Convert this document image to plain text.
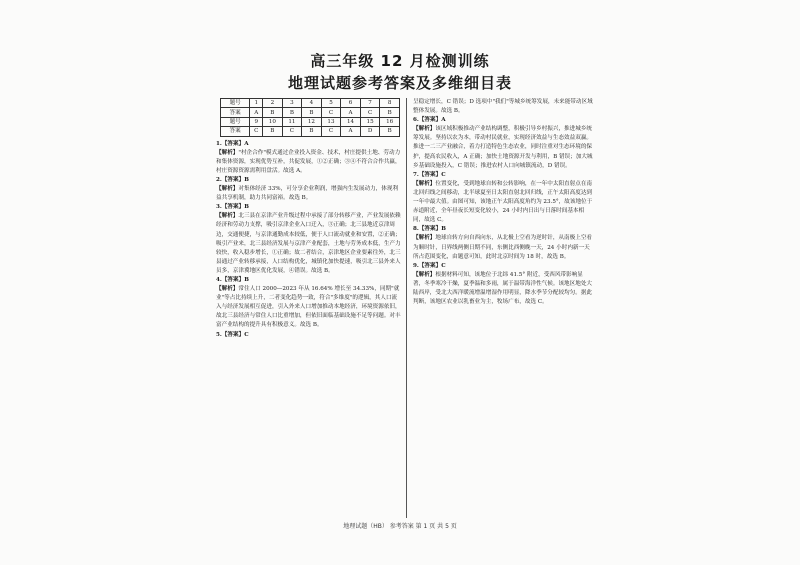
高三年级 12 月检测训练
地理试题参考答案及多维细目表
题号	1	2	3	4	5	6	7	8
答案	A	B	B	B	C	A	C	B
题号	9	10	11	12	13	14	15	16
答案	C	B	C	B	C	A	D	B

1.【答案】A

【解析】"村企合作"模式通过企业投入资金、技术，村庄提供土地、劳动力和集体资源，实现优势互补，共促发展，①②正确；③④不符合合作共赢，村庄资源资源需利用盘活。故选 A。

2.【答案】B

【解析】对集体经济 33%，可分享企业利润，增强内生发展动力，体现利益共享机制，助力共同富裕。故选 B。

3.【答案】B

【解析】北三县在京津产业升级过程中承接了部分转移产业，产业发展依赖经济和劳动力支撑，吸引京津企业入口迁入，③正确；北三县地近京津周边，交通便捷，与京津通勤成本较低，便于人口流动就业和安置，②正确；吸引产业来，北三县经济发展与京津产业配套，土地与劳务成本低，生产力较快，收入稳步增长，①正确；故二者结合，京津地区企业要素往外，北三县通过产业转移承接，人口结构优化，城镇化加快提速，吸引北三县外来人员多，京津冀地区优化发展，④错误。故选 B。

4.【答案】B

【解析】常住人口 2000—2023 年从 16.64% 增长至 34.33%，同期"就业"等占比持续上升，二者变化趋势一致，符合"多维度"的逻辑，其人口流入与经济发展相互促进，引入外来人口增加推动本地经济，环境资源依旧，故北三县经济与常住人口比重增加，但依旧面临基础设施不足等问题。对丰富产业结构的提升具有积极意义。故选 B。

5.【答案】C

呈稳定增长，C 错误；D 选项中"我们"等城乡统筹发展，未来能带动区域整体发展。故选 B。

6.【答案】A

【解析】该区域积极推动产业结构调整，积极引导乡村振兴，推进城乡统筹发展。坚持以农为本，带动村民就业，实现经济效益与生态效益双赢。推进一二三产业融合，着力打造特色生态农业，同时注重对生态环境的保护，提高农民收入，A 正确；加快土地资源开发与利用，B 错误；加大城乡基础设施投入，C 错误；推进农村人口向城镇流动，D 错误。

7.【答案】C

【解析】位置变化，受到地球自转和公转影响，在一年中太阳直射点在南北回归线之间移动，北半球夏至日太阳直射北回归线，正午太阳高度达到一年中最大值。由图可知，该地正午太阳高度角约为 23.5°，故该地位于赤道附近，全年昼夜长短变化较小，24 小时内日出与日落时间基本相同，故选 C。

8.【答案】B

【解析】地球自转方向自西向东，从北极上空看为逆时针，从南极上空看为顺时针，日界线两侧日期不同，东侧比西侧晚一天，24 小时内新一天所占范围变化，由题意可知，此时北京时间为 18 时，故选 B。

9.【答案】C

【解析】根据材料可知，该地位于北纬 41.5° 附近，受西风带影响显著，冬季寒冷干燥，夏季温和多雨，属于温带海洋性气候。该地区地处大陆西岸，受北大西洋暖流增温增湿作用明显，降水季节分配较均匀。据此判断，该地区农业以乳畜业为主，牧场广布，故选 C。

地理试题（HB） 参考答案 第 1 页 共 5 页
